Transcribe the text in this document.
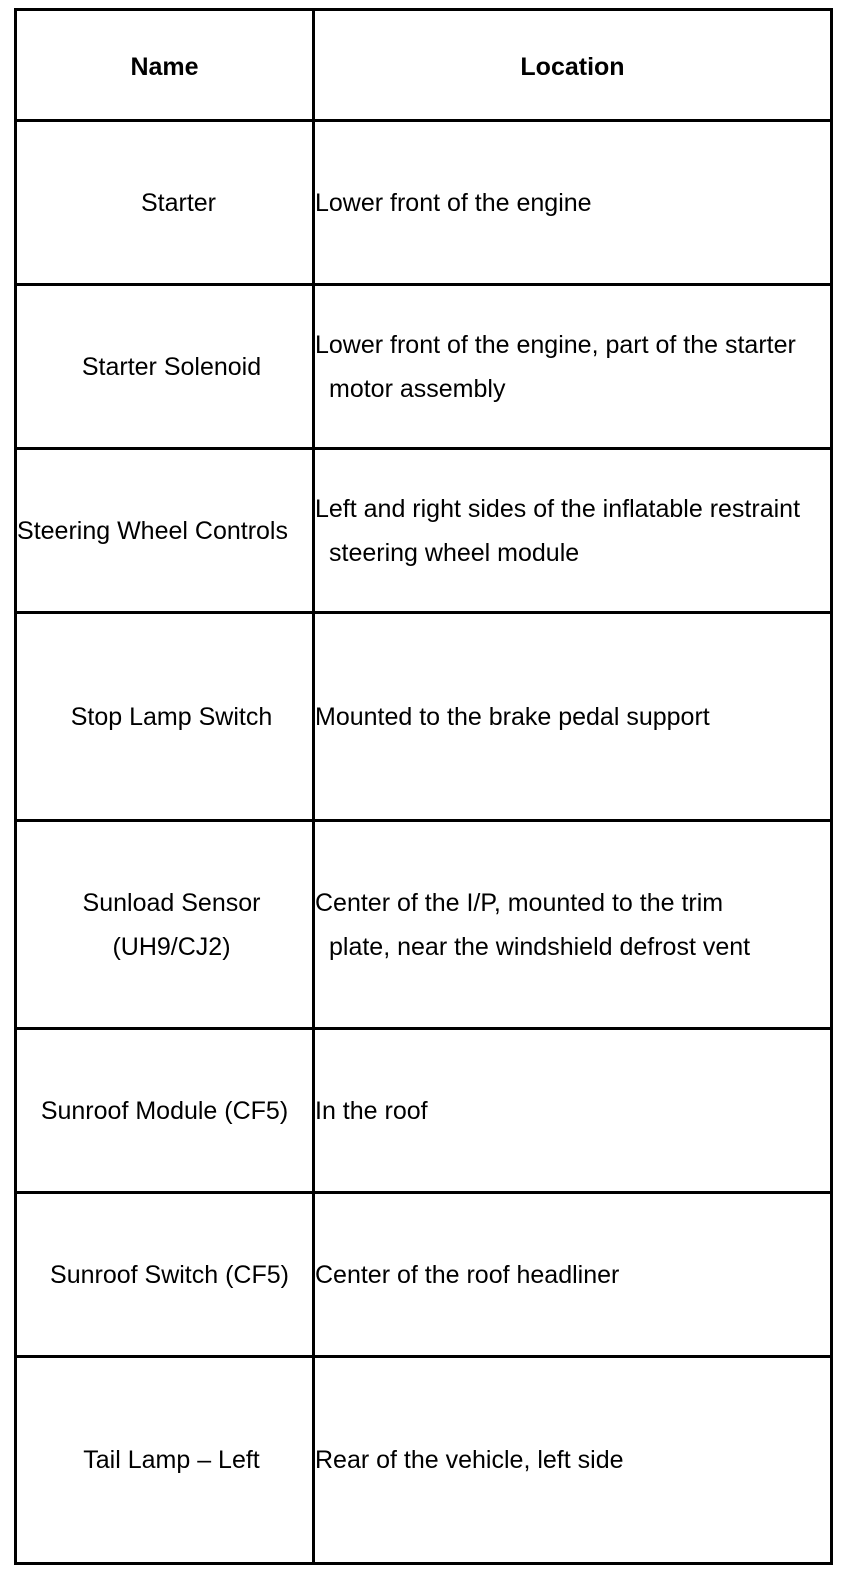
Name	Location

Starter	Lower front of the engine

Starter Solenoid	Lower front of the engine, part of the starter motor assembly

Steering Wheel Controls	Left and right sides of the inflatable restraint steering wheel module

Stop Lamp Switch	Mounted to the brake pedal support

Sunload Sensor (UH9/CJ2)	Center of the I/P, mounted to the trim plate, near the windshield defrost vent

Sunroof Module (CF5)	In the roof

Sunroof Switch (CF5)	Center of the roof headliner

Tail Lamp – Left	Rear of the vehicle, left side
